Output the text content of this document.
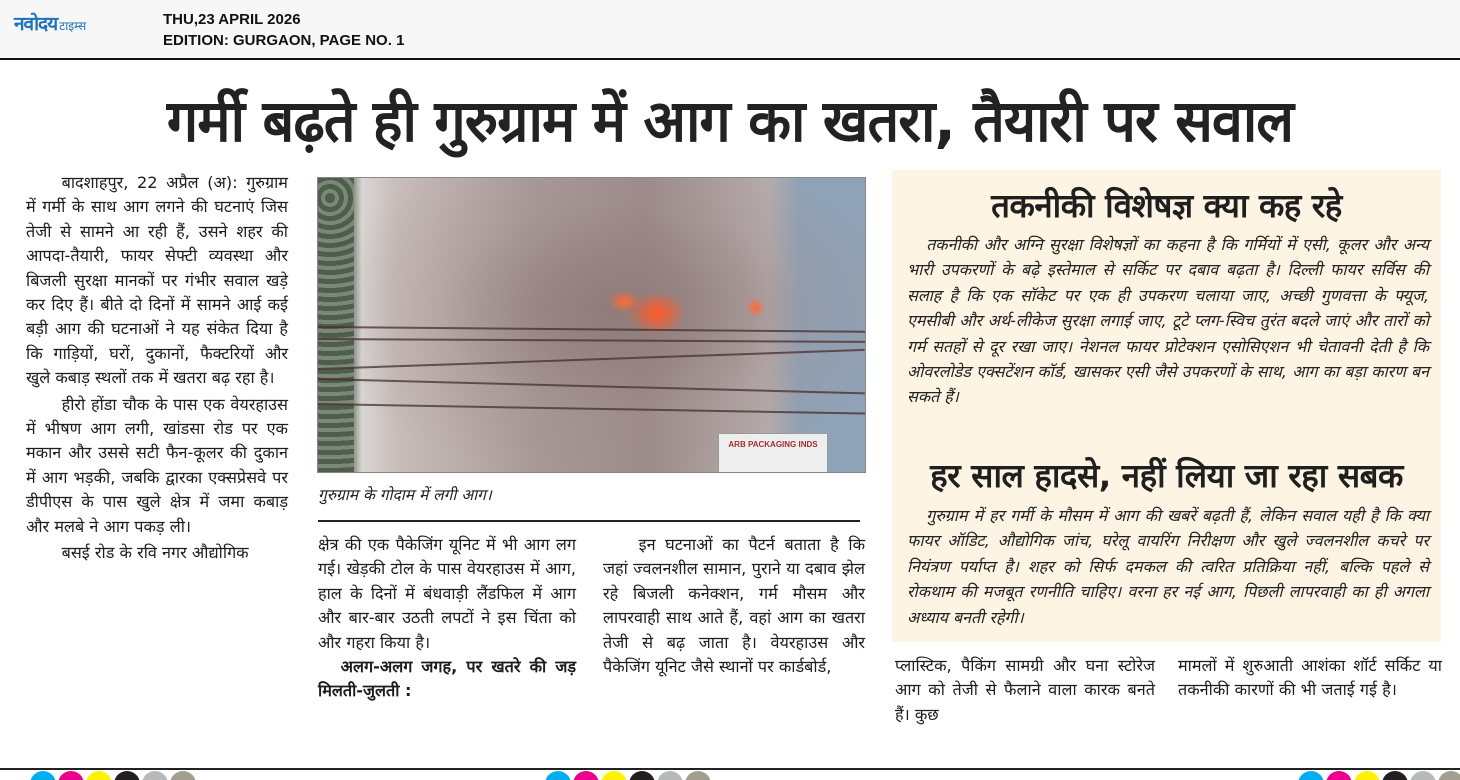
नवोदय टाइम्स	THU,23 APRIL 2026
EDITION: GURGAON, PAGE NO. 1
गर्मी बढ़ते ही गुरुग्राम में आग का खतरा, तैयारी पर सवाल

बादशाहपुर, 22 अप्रैल (अ): गुरुग्राम में गर्मी के साथ आग लगने की घटनाएं जिस तेजी से सामने आ रही हैं, उसने शहर की आपदा-तैयारी, फायर सेफ्टी व्यवस्था और बिजली सुरक्षा मानकों पर गंभीर सवाल खड़े कर दिए हैं। बीते दो दिनों में सामने आई कई बड़ी आग की घटनाओं ने यह संकेत दिया है कि गाड़ियों, घरों, दुकानों, फैक्टरियों और खुले कबाड़ स्थलों तक में खतरा बढ़ रहा है।

हीरो होंडा चौक के पास एक वेयरहाउस में भीषण आग लगी, खांडसा रोड पर एक मकान और उससे सटी फैन-कूलर की दुकान में आग भड़की, जबकि द्वारका एक्सप्रेसवे पर डीपीएस के पास खुले क्षेत्र में जमा कबाड़ और मलबे ने आग पकड़ ली।

बसई रोड के रवि नगर औद्योगिक

ARB PACKAGING INDS
गुरुग्राम के गोदाम में लगी आग।

क्षेत्र की एक पैकेजिंग यूनिट में भी आग लग गई। खेड़की टोल के पास वेयरहाउस में आग, हाल के दिनों में बंधवाड़ी लैंडफिल में आग और बार-बार उठती लपटों ने इस चिंता को और गहरा किया है।

अलग-अलग जगह, पर खतरे की जड़ मिलती-जुलती :

इन घटनाओं का पैटर्न बताता है कि जहां ज्वलनशील सामान, पुराने या दबाव झेल रहे बिजली कनेक्शन, गर्म मौसम और लापरवाही साथ आते हैं, वहां आग का खतरा तेजी से बढ़ जाता है। वेयरहाउस और पैकेजिंग यूनिट जैसे स्थानों पर कार्डबोर्ड,

तकनीकी विशेषज्ञ क्या कह रहे

तकनीकी और अग्नि सुरक्षा विशेषज्ञों का कहना है कि गर्मियों में एसी, कूलर और अन्य भारी उपकरणों के बढ़े इस्तेमाल से सर्किट पर दबाव बढ़ता है। दिल्ली फायर सर्विस की सलाह है कि एक सॉकेट पर एक ही उपकरण चलाया जाए, अच्छी गुणवत्ता के फ्यूज, एमसीबी और अर्थ-लीकेज सुरक्षा लगाई जाए, टूटे प्लग-स्विच तुरंत बदले जाएं और तारों को गर्म सतहों से दूर रखा जाए। नेशनल फायर प्रोटेक्शन एसोसिएशन भी चेतावनी देती है कि ओवरलोडेड एक्सटेंशन कॉर्ड, खासकर एसी जैसे उपकरणों के साथ, आग का बड़ा कारण बन सकते हैं।

हर साल हादसे, नहीं लिया जा रहा सबक

गुरुग्राम में हर गर्मी के मौसम में आग की खबरें बढ़ती हैं, लेकिन सवाल यही है कि क्या फायर ऑडिट, औद्योगिक जांच, घरेलू वायरिंग निरीक्षण और खुले ज्वलनशील कचरे पर नियंत्रण पर्याप्त है। शहर को सिर्फ दमकल की त्वरित प्रतिक्रिया नहीं, बल्कि पहले से रोकथाम की मजबूत रणनीति चाहिए। वरना हर नई आग, पिछली लापरवाही का ही अगला अध्याय बनती रहेगी।

प्लास्टिक, पैकिंग सामग्री और घना स्टोरेज आग को तेजी से फैलाने वाला कारक बनते हैं। कुछ

मामलों में शुरुआती आशंका शॉर्ट सर्किट या तकनीकी कारणों की भी जताई गई है।
